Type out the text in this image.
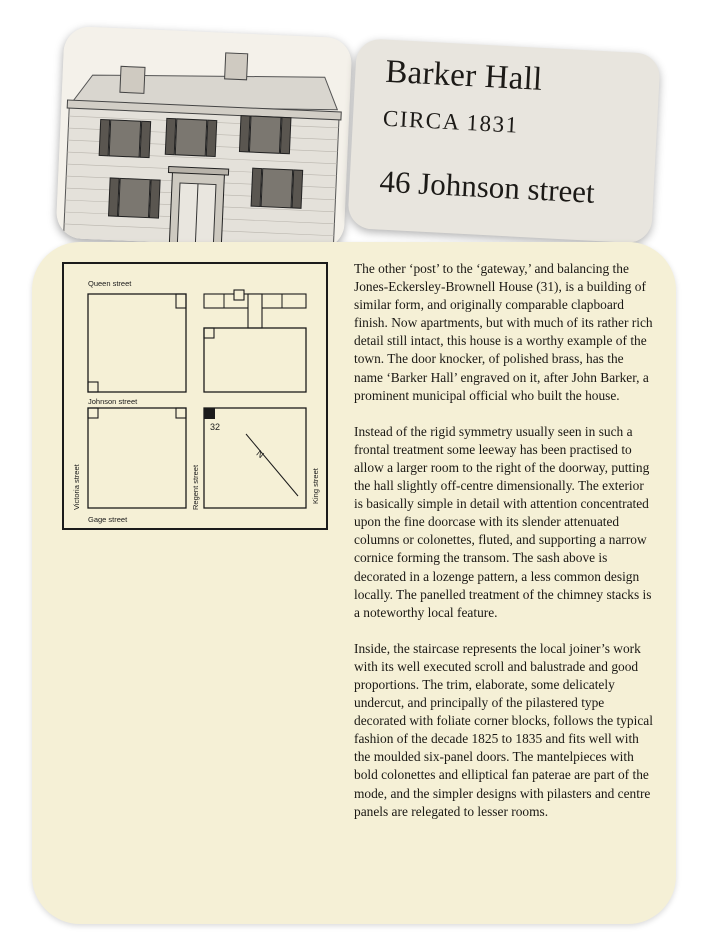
Barker Hall
CIRCA 1831
46 Johnson street
32
N
Queen street
Johnson street
Gage street
Victoria street	Regent street	King street

The other ‘post’ to the ‘gateway,’ and balancing the Jones-Eckersley-Brownell House (31), is a building of similar form, and originally comparable clapboard finish. Now apartments, but with much of its rather rich detail still intact, this house is a worthy example of the town. The door knocker, of polished brass, has the name ‘Barker Hall’ engraved on it, after John Barker, a prominent municipal official who built the house.

Instead of the rigid symmetry usually seen in such a frontal treatment some leeway has been practised to allow a larger room to the right of the doorway, putting the hall slightly off-centre dimensionally. The exterior is basically simple in detail with attention concentrated upon the fine doorcase with its slender attenuated columns or colonettes, fluted, and supporting a narrow cornice forming the transom. The sash above is decorated in a lozenge pattern, a less common design locally. The panelled treatment of the chimney stacks is a noteworthy local feature.

Inside, the staircase represents the local joiner’s work with its well executed scroll and balustrade and good proportions. The trim, elaborate, some delicately undercut, and principally of the pilastered type decorated with foliate corner blocks, follows the typical fashion of the decade 1825 to 1835 and fits well with the moulded six-panel doors. The mantelpieces with bold colonettes and elliptical fan paterae are part of the mode, and the simpler designs with pilasters and centre panels are relegated to lesser rooms.
